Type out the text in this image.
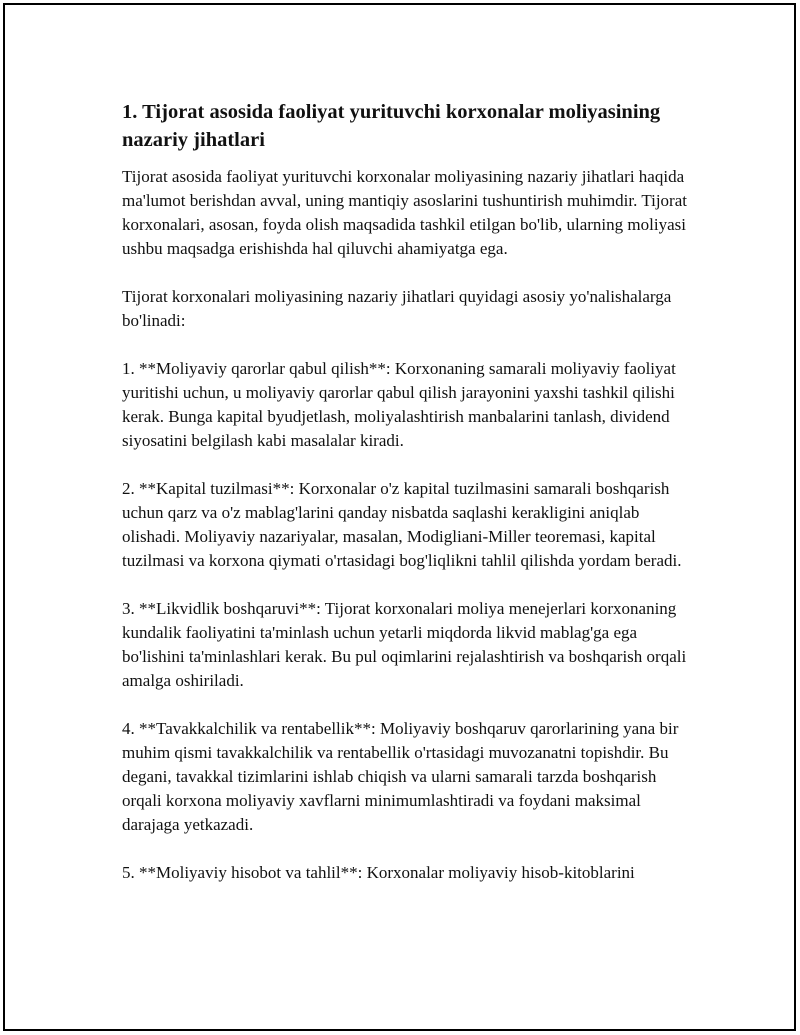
1. Tijorat asosida faoliyat yurituvchi korxonalar moliyasining nazariy jihatlari

Tijorat asosida faoliyat yurituvchi korxonalar moliyasining nazariy jihatlari haqida ma'lumot berishdan avval, uning mantiqiy asoslarini tushuntirish muhimdir. Tijorat korxonalari, asosan, foyda olish maqsadida tashkil etilgan bo'lib, ularning moliyasi ushbu maqsadga erishishda hal qiluvchi ahamiyatga ega.

Tijorat korxonalari moliyasining nazariy jihatlari quyidagi asosiy yo'nalishalarga bo'linadi:

1. **Moliyaviy qarorlar qabul qilish**: Korxonaning samarali moliyaviy faoliyat yuritishi uchun, u moliyaviy qarorlar qabul qilish jarayonini yaxshi tashkil qilishi kerak. Bunga kapital byudjetlash, moliyalashtirish manbalarini tanlash, dividend siyosatini belgilash kabi masalalar kiradi.

2. **Kapital tuzilmasi**: Korxonalar o'z kapital tuzilmasini samarali boshqarish uchun qarz va o'z mablag'larini qanday nisbatda saqlashi kerakligini aniqlab olishadi. Moliyaviy nazariyalar, masalan, Modigliani-Miller teoremasi, kapital tuzilmasi va korxona qiymati o'rtasidagi bog'liqlikni tahlil qilishda yordam beradi.

3. **Likvidlik boshqaruvi**: Tijorat korxonalari moliya menejerlari korxonaning kundalik faoliyatini ta'minlash uchun yetarli miqdorda likvid mablag'ga ega bo'lishini ta'minlashlari kerak. Bu pul oqimlarini rejalashtirish va boshqarish orqali amalga oshiriladi.

4. **Tavakkalchilik va rentabellik**: Moliyaviy boshqaruv qarorlarining yana bir muhim qismi tavakkalchilik va rentabellik o'rtasidagi muvozanatni topishdir. Bu degani, tavakkal tizimlarini ishlab chiqish va ularni samarali tarzda boshqarish orqali korxona moliyaviy xavflarni minimumlashtiradi va foydani maksimal darajaga yetkazadi.

5. **Moliyaviy hisobot va tahlil**: Korxonalar moliyaviy hisob-kitoblarini
